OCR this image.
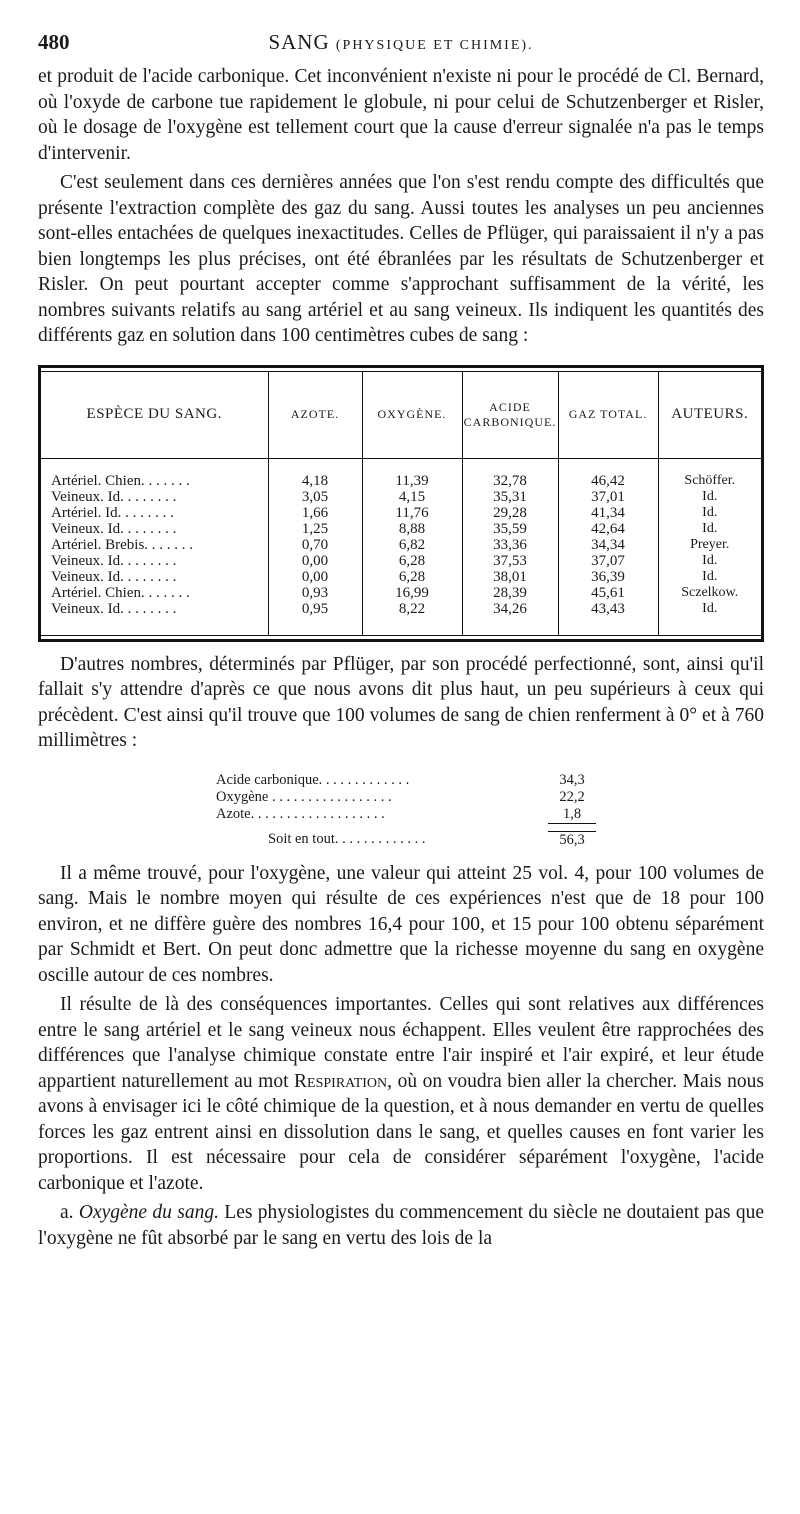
480	SANG (PHYSIQUE ET CHIMIE).

et produit de l'acide carbonique. Cet inconvénient n'existe ni pour le procédé de Cl. Bernard, où l'oxyde de carbone tue rapidement le globule, ni pour celui de Schutzenberger et Risler, où le dosage de l'oxygène est tellement court que la cause d'erreur signalée n'a pas le temps d'intervenir.

C'est seulement dans ces dernières années que l'on s'est rendu compte des difficultés que présente l'extraction complète des gaz du sang. Aussi toutes les analyses un peu anciennes sont-elles entachées de quelques inexactitudes. Celles de Pflüger, qui paraissaient il n'y a pas bien longtemps les plus précises, ont été ébranlées par les résultats de Schutzenberger et Risler. On peut pourtant accepter comme s'approchant suffisamment de la vérité, les nombres suivants relatifs au sang artériel et au sang veineux. Ils indiquent les quantités des différents gaz en solution dans 100 centimètres cubes de sang :

ESPÈCE DU SANG.	AZOTE.	OXYGÈNE.	ACIDE CARBONIQUE.	GAZ TOTAL.	AUTEURS.
Artériel. Chien. . . . . . .	4,18	11,39	32,78	46,42	Schöffer.
Veineux. Id. . . . . . . .	3,05	4,15	35,31	37,01	Id.
Artériel. Id. . . . . . . .	1,66	11,76	29,28	41,34	Id.
Veineux. Id. . . . . . . .	1,25	8,88	35,59	42,64	Id.
Artériel. Brebis. . . . . . .	0,70	6,82	33,36	34,34	Preyer.
Veineux. Id. . . . . . . .	0,00	6,28	37,53	37,07	Id.
Veineux. Id. . . . . . . .	0,00	6,28	38,01	36,39	Id.
Artériel. Chien. . . . . . .	0,93	16,99	28,39	45,61	Sczelkow.
Veineux. Id. . . . . . . .	0,95	8,22	34,26	43,43	Id.

D'autres nombres, déterminés par Pflüger, par son procédé perfectionné, sont, ainsi qu'il fallait s'y attendre d'après ce que nous avons dit plus haut, un peu supérieurs à ceux qui précèdent. C'est ainsi qu'il trouve que 100 volumes de sang de chien renferment à 0° et à 760 millimètres :

Acide carbonique. . . . . . . . . . . . .	34,3
Oxygène . . . . . . . . . . . . . . . . .	22,2
Azote. . . . . . . . . . . . . . . . . . .	1,8
Soit en tout. . . . . . . . . . . . .	56,3

Il a même trouvé, pour l'oxygène, une valeur qui atteint 25 vol. 4, pour 100 volumes de sang. Mais le nombre moyen qui résulte de ces expériences n'est que de 18 pour 100 environ, et ne diffère guère des nombres 16,4 pour 100, et 15 pour 100 obtenu séparément par Schmidt et Bert. On peut donc admettre que la richesse moyenne du sang en oxygène oscille autour de ces nombres.

Il résulte de là des conséquences importantes. Celles qui sont relatives aux différences entre le sang artériel et le sang veineux nous échappent. Elles veulent être rapprochées des différences que l'analyse chimique constate entre l'air inspiré et l'air expiré, et leur étude appartient naturellement au mot Respiration, où on voudra bien aller la chercher. Mais nous avons à envisager ici le côté chimique de la question, et à nous demander en vertu de quelles forces les gaz entrent ainsi en dissolution dans le sang, et quelles causes en font varier les proportions. Il est nécessaire pour cela de considérer séparément l'oxygène, l'acide carbonique et l'azote.

a. Oxygène du sang. Les physiologistes du commencement du siècle ne doutaient pas que l'oxygène ne fût absorbé par le sang en vertu des lois de la
